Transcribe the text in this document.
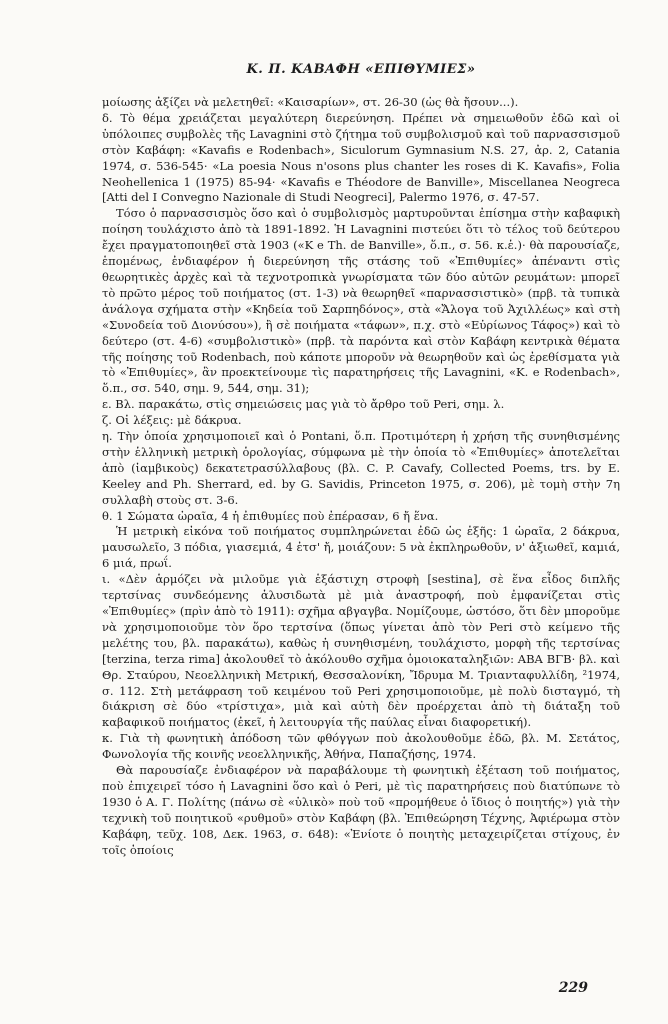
Κ. Π. ΚΑΒΑΦΗ «ΕΠΙΘΥΜΙΕΣ»

μοίωσης ἀξίζει νὰ μελετηθεῖ: «Καισαρίων», στ. 26-30 (ὡς θὰ ἤσουν...).

δ. Τὸ θέμα χρειάζεται μεγαλύτερη διερεύνηση. Πρέπει νὰ σημειωθοῦν ἐδῶ καὶ οἱ ὑπόλοιπες συμβολὲς τῆς Lavagnini στὸ ζήτημα τοῦ συμβολισμοῦ καὶ τοῦ παρνασσισμοῦ στὸν Καβάφη: «Kavafis e Rodenbach», Siculorum Gymnasium N.S. 27, ἀρ. 2, Catania 1974, σ. 536-545· «La poesia Nous n'osons plus chanter les roses di K. Kavafis», Folia Neohellenica 1 (1975) 85-94· «Kavafis e Théodore de Banville», Miscellanea Neogreca [Atti del I Convegno Nazionale di Studi Neogreci], Palermo 1976, σ. 47-57.

Τόσο ὁ παρνασσισμὸς ὅσο καὶ ὁ συμβολισμὸς μαρτυροῦνται ἐπίσημα στὴν καβαφικὴ ποίηση τουλάχιστο ἀπὸ τὰ 1891-1892. Ἡ Lavagnini πιστεύει ὅτι τὸ τέλος τοῦ δεύτερου ἔχει πραγματοποιηθεῖ στὰ 1903 («K e Th. de Banville», ὅ.π., σ. 56. κ.ἑ.)· θὰ παρουσίαζε, ἑπομένως, ἐνδιαφέρον ἡ διερεύνηση τῆς στάσης τοῦ «Ἐπιθυμίες» ἀπέναντι στὶς θεωρητικὲς ἀρχὲς καὶ τὰ τεχνοτροπικὰ γνωρίσματα τῶν δύο αὐτῶν ρευμάτων: μπορεῖ τὸ πρῶτο μέρος τοῦ ποιήματος (στ. 1-3) νὰ θεωρηθεῖ «παρνασσιστικὸ» (πρβ. τὰ τυπικὰ ἀνάλογα σχήματα στὴν «Κηδεία τοῦ Σαρπηδόνος», στὰ «Ἄλογα τοῦ Ἀχιλλέως» καὶ στὴ «Συνοδεία τοῦ Διονύσου»), ἢ σὲ ποιήματα «τάφων», π.χ. στὸ «Εὐρίωνος Τάφος») καὶ τὸ δεύτερο (στ. 4-6) «συμβολιστικὸ» (πρβ. τὰ παρόντα καὶ στὸν Καβάφη κεντρικὰ θέματα τῆς ποίησης τοῦ Rodenbach, ποὺ κάποτε μποροῦν νὰ θεωρηθοῦν καὶ ὡς ἐρεθίσματα γιὰ τὸ «Ἐπιθυμίες», ἂν προεκτείνουμε τὶς παρατηρήσεις τῆς Lavagnini, «K. e Rodenbach», ὅ.π., σσ. 540, σημ. 9, 544, σημ. 31);

ε. Βλ. παρακάτω, στὶς σημειώσεις μας γιὰ τὸ ἄρθρο τοῦ Peri, σημ. λ.

ζ. Οἱ λέξεις: μὲ δάκρυα.

η. Τὴν ὁποία χρησιμοποιεῖ καὶ ὁ Pontani, ὅ.π. Προτιμότερη ἡ χρήση τῆς συνηθισμένης στὴν ἑλληνικὴ μετρικὴ ὁρολογίας, σύμφωνα μὲ τὴν ὁποία τὸ «Ἐπιθυμίες» ἀποτελεῖται ἀπὸ (ἰαμβικοὺς) δεκατετρασύλλαβους (βλ. C. P. Cavafy, Collected Poems, trs. by E. Keeley and Ph. Sherrard, ed. by G. Savidis, Princeton 1975, σ. 206), μὲ τομὴ στὴν 7η συλλαβὴ στοὺς στ. 3-6.

θ. 1 Σώματα ὡραῖα, 4 ἡ ἐπιθυμίες ποὺ ἐπέρασαν, 6 ἤ ἕνα.

Ἡ μετρικὴ εἰκόνα τοῦ ποιήματος συμπληρώνεται ἐδῶ ὡς ἑξῆς: 1 ὡραῖα, 2 δάκρυα, μαυσωλεῖο, 3 πόδια, γιασεμιά, 4 ἐτσ' ἤ, μοιάζουν: 5 νὰ ἐκπληρωθοῦν, ν' ἀξιωθεῖ, καμιά, 6 μιά, πρωΐ.

ι. «Δὲν ἁρμόζει νὰ μιλοῦμε γιὰ ἑξάστιχη στροφὴ [sestina], σὲ ἕνα εἶδος διπλῆς τερτσίνας συνδεόμενης ἁλυσιδωτὰ μὲ μιὰ ἀναστροφή, ποὺ ἐμφανίζεται στὶς «Ἐπιθυμίες» (πρὶν ἀπὸ τὸ 1911): σχῆμα αβγαγβα. Νομίζουμε, ὡστόσο, ὅτι δὲν μποροῦμε νὰ χρησιμοποιοῦμε τὸν ὅρο τερτσίνα (ὅπως γίνεται ἀπὸ τὸν Peri στὸ κείμενο τῆς μελέτης του, βλ. παρακάτω), καθὼς ἡ συνηθισμένη, τουλάχιστο, μορφὴ τῆς τερτσίνας [terzina, terza rima] ἀκολουθεῖ τὸ ἀκόλουθο σχῆμα ὁμοιοκαταληξιῶν: ΑΒΑ ΒΓΒ· βλ. καὶ Θρ. Σταύρου, Νεοελληνικὴ Μετρική, Θεσσαλονίκη, Ἴδρυμα Μ. Τριανταφυλλίδη, ²1974, σ. 112. Στὴ μετάφραση τοῦ κειμένου τοῦ Peri χρησιμοποιοῦμε, μὲ πολὺ δισταγμό, τὴ διάκριση σὲ δύο «τρίστιχα», μιὰ καὶ αὐτὴ δὲν προέρχεται ἀπὸ τὴ διάταξη τοῦ καβαφικοῦ ποιήματος (ἐκεῖ, ἡ λειτουργία τῆς παύλας εἶναι διαφορετική).

κ. Γιὰ τὴ φωνητικὴ ἀπόδοση τῶν φθόγγων ποὺ ἀκολουθοῦμε ἐδῶ, βλ. Μ. Σετάτος, Φωνολογία τῆς κοινῆς νεοελληνικῆς, Ἀθήνα, Παπαζήσης, 1974.

Θὰ παρουσίαζε ἐνδιαφέρον νὰ παραβάλουμε τὴ φωνητικὴ ἐξέταση τοῦ ποιήματος, ποὺ ἐπιχειρεῖ τόσο ἡ Lavagnini ὅσο καὶ ὁ Peri, μὲ τὶς παρατηρήσεις ποὺ διατύπωνε τὸ 1930 ὁ Α. Γ. Πολίτης (πάνω σὲ «ὑλικὸ» ποὺ τοῦ «προμήθευε ὁ ἴδιος ὁ ποιητής») γιὰ τὴν τεχνικὴ τοῦ ποιητικοῦ «ρυθμοῦ» στὸν Καβάφη (βλ. Ἐπιθεώρηση Τέχνης, Ἀφιέρωμα στὸν Καβάφη, τεῦχ. 108, Δεκ. 1963, σ. 648): «Ἐνίοτε ὁ ποιητὴς μεταχειρίζεται στίχους, ἐν τοῖς ὁποίοις

229
